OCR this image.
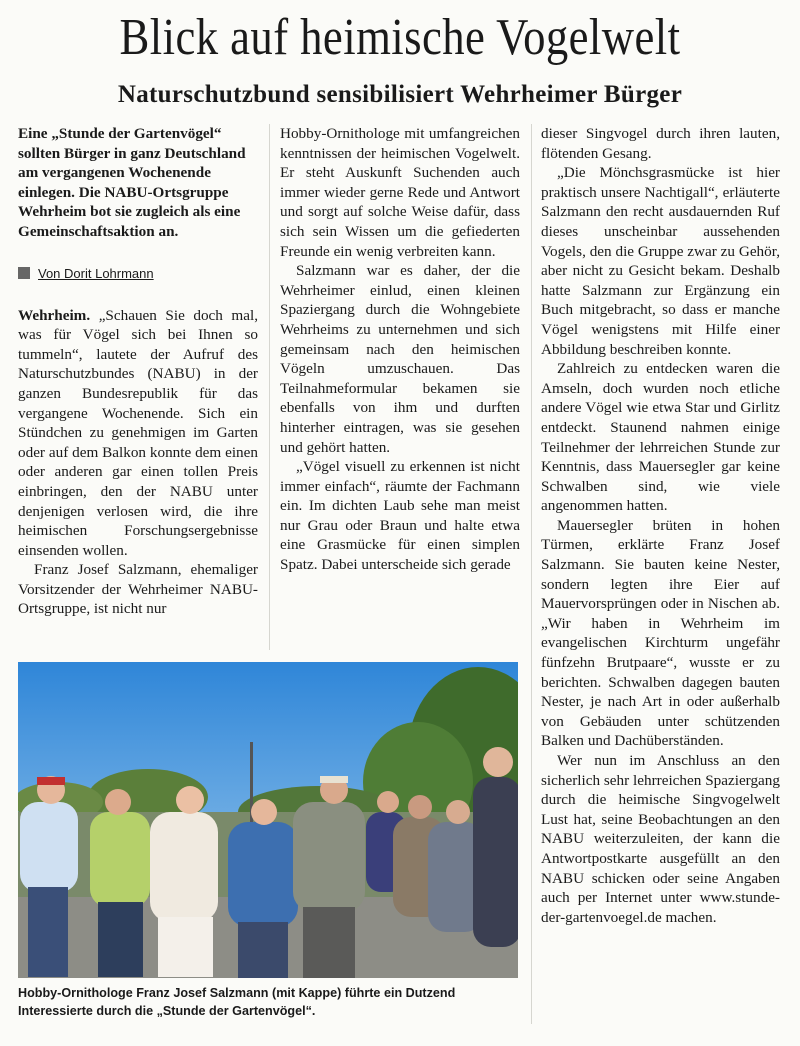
Blick auf heimische Vogelwelt
Naturschutzbund sensibilisiert Wehrheimer Bürger

Eine „Stunde der Gartenvögel“ sollten Bürger in ganz Deutschland am vergangenen Wochenende einlegen. Die NABU-Ortsgruppe Wehrheim bot sie zugleich als eine Gemeinschaftsaktion an.

Von Dorit Lohrmann

Wehrheim. „Schauen Sie doch mal, was für Vögel sich bei Ihnen so tummeln“, lautete der Aufruf des Naturschutzbundes (NABU) in der ganzen Bundesrepublik für das vergangene Wochenende. Sich ein Stündchen zu genehmigen im Garten oder auf dem Balkon konnte dem einen oder anderen gar einen tollen Preis einbringen, den der NABU unter denjenigen verlosen wird, die ihre heimischen Forschungsergebnisse einsenden wollen.

Franz Josef Salzmann, ehemaliger Vorsitzender der Wehrheimer NABU-Ortsgruppe, ist nicht nur

Hobby-Ornithologe mit umfangreichen kenntnissen der heimischen Vogelwelt. Er steht Auskunft Suchenden auch immer wieder gerne Rede und Antwort und sorgt auf solche Weise dafür, dass sich sein Wissen um die gefiederten Freunde ein wenig verbreiten kann.

Salzmann war es daher, der die Wehrheimer einlud, einen kleinen Spaziergang durch die Wohngebiete Wehrheims zu unternehmen und sich gemeinsam nach den heimischen Vögeln umzuschauen. Das Teilnahmeformular bekamen sie ebenfalls von ihm und durften hinterher eintragen, was sie gesehen und gehört hatten.

„Vögel visuell zu erkennen ist nicht immer einfach“, räumte der Fachmann ein. Im dichten Laub sehe man meist nur Grau oder Braun und halte etwa eine Grasmücke für einen simplen Spatz. Dabei unterscheide sich gerade

dieser Singvogel durch ihren lauten, flötenden Gesang.

„Die Mönchsgrasmücke ist hier praktisch unsere Nachtigall“, erläuterte Salzmann den recht ausdauernden Ruf dieses unscheinbar aussehenden Vogels, den die Gruppe zwar zu Gehör, aber nicht zu Gesicht bekam. Deshalb hatte Salzmann zur Ergänzung ein Buch mitgebracht, so dass er manche Vögel wenigstens mit Hilfe einer Abbildung beschreiben konnte.

Zahlreich zu entdecken waren die Amseln, doch wurden noch etliche andere Vögel wie etwa Star und Girlitz entdeckt. Staunend nahmen einige Teilnehmer der lehrreichen Stunde zur Kenntnis, dass Mauersegler gar keine Schwalben sind, wie viele angenommen hatten.

Mauersegler brüten in hohen Türmen, erklärte Franz Josef Salzmann. Sie bauten keine Nester, sondern legten ihre Eier auf Mauervorsprüngen oder in Nischen ab. „Wir haben in Wehrheim im evangelischen Kirchturm ungefähr fünfzehn Brutpaare“, wusste er zu berichten. Schwalben dagegen bauten Nester, je nach Art in oder außerhalb von Gebäuden unter schützenden Balken und Dachüberständen.

Wer nun im Anschluss an den sicherlich sehr lehrreichen Spaziergang durch die heimische Singvogelwelt Lust hat, seine Beobachtungen an den NABU weiterzuleiten, der kann die Antwortpostkarte ausgefüllt an den NABU schicken oder seine Angaben auch per Internet unter www.stunde-der-gartenvoegel.de machen.

Hobby-Ornithologe Franz Josef Salzmann (mit Kappe) führte ein Dutzend Interessierte durch die „Stunde der Gartenvögel“.
